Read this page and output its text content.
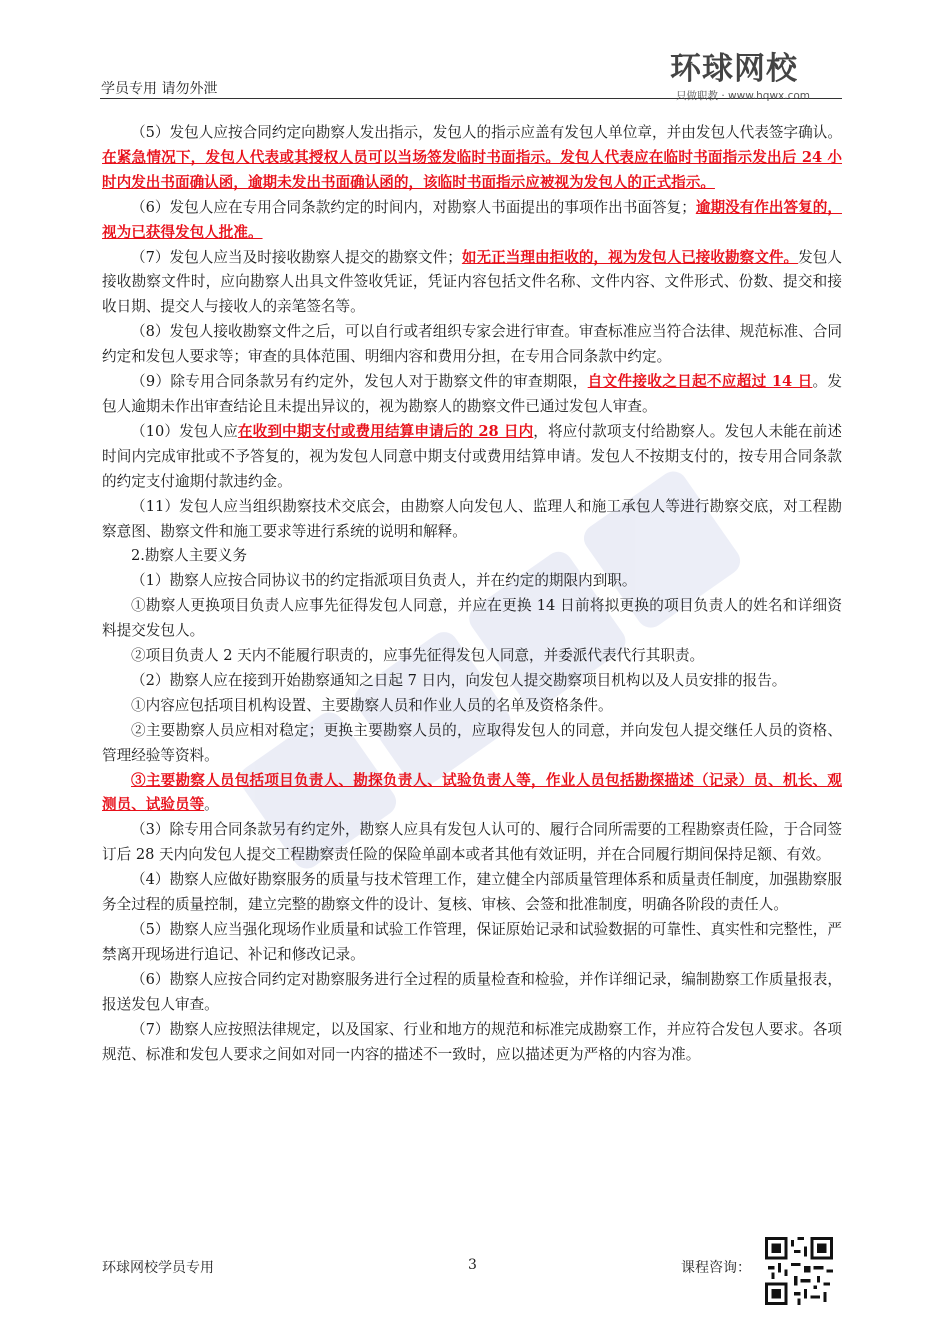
学员专用 请勿外泄
环球网校
只做职教 · www.hqwx.com

（5）发包人应按合同约定向勘察人发出指示，发包人的指示应盖有发包人单位章，并由发包人代表签字确认。在紧急情况下，发包人代表或其授权人员可以当场签发临时书面指示。发包人代表应在临时书面指示发出后 24 小时内发出书面确认函，逾期未发出书面确认函的，该临时书面指示应被视为发包人的正式指示。

（6）发包人应在专用合同条款约定的时间内，对勘察人书面提出的事项作出书面答复；逾期没有作出答复的，视为已获得发包人批准。

（7）发包人应当及时接收勘察人提交的勘察文件；如无正当理由拒收的，视为发包人已接收勘察文件。发包人接收勘察文件时，应向勘察人出具文件签收凭证，凭证内容包括文件名称、文件内容、文件形式、份数、提交和接收日期、提交人与接收人的亲笔签名等。

（8）发包人接收勘察文件之后，可以自行或者组织专家会进行审查。审查标准应当符合法律、规范标准、合同约定和发包人要求等；审查的具体范围、明细内容和费用分担，在专用合同条款中约定。

（9）除专用合同条款另有约定外，发包人对于勘察文件的审查期限，自文件接收之日起不应超过 14 日。发包人逾期未作出审查结论且未提出异议的，视为勘察人的勘察文件已通过发包人审查。

（10）发包人应在收到中期支付或费用结算申请后的 28 日内，将应付款项支付给勘察人。发包人未能在前述时间内完成审批或不予答复的，视为发包人同意中期支付或费用结算申请。发包人不按期支付的，按专用合同条款的约定支付逾期付款违约金。

（11）发包人应当组织勘察技术交底会，由勘察人向发包人、监理人和施工承包人等进行勘察交底，对工程勘察意图、勘察文件和施工要求等进行系统的说明和解释。

2.勘察人主要义务

（1）勘察人应按合同协议书的约定指派项目负责人，并在约定的期限内到职。

①勘察人更换项目负责人应事先征得发包人同意，并应在更换 14 日前将拟更换的项目负责人的姓名和详细资料提交发包人。

②项目负责人 2 天内不能履行职责的，应事先征得发包人同意，并委派代表代行其职责。

（2）勘察人应在接到开始勘察通知之日起 7 日内，向发包人提交勘察项目机构以及人员安排的报告。

①内容应包括项目机构设置、主要勘察人员和作业人员的名单及资格条件。

②主要勘察人员应相对稳定；更换主要勘察人员的，应取得发包人的同意，并向发包人提交继任人员的资格、管理经验等资料。

③主要勘察人员包括项目负责人、勘探负责人、试验负责人等，作业人员包括勘探描述（记录）员、机长、观测员、试验员等。

（3）除专用合同条款另有约定外，勘察人应具有发包人认可的、履行合同所需要的工程勘察责任险，于合同签订后 28 天内向发包人提交工程勘察责任险的保险单副本或者其他有效证明，并在合同履行期间保持足额、有效。

（4）勘察人应做好勘察服务的质量与技术管理工作，建立健全内部质量管理体系和质量责任制度，加强勘察服务全过程的质量控制，建立完整的勘察文件的设计、复核、审核、会签和批准制度，明确各阶段的责任人。

（5）勘察人应当强化现场作业质量和试验工作管理，保证原始记录和试验数据的可靠性、真实性和完整性，严禁离开现场进行追记、补记和修改记录。

（6）勘察人应按合同约定对勘察服务进行全过程的质量检查和检验，并作详细记录，编制勘察工作质量报表，报送发包人审查。

（7）勘察人应按照法律规定，以及国家、行业和地方的规范和标准完成勘察工作，并应符合发包人要求。各项规范、标准和发包人要求之间如对同一内容的描述不一致时，应以描述更为严格的内容为准。

环球网校学员专用	3	课程咨询：
